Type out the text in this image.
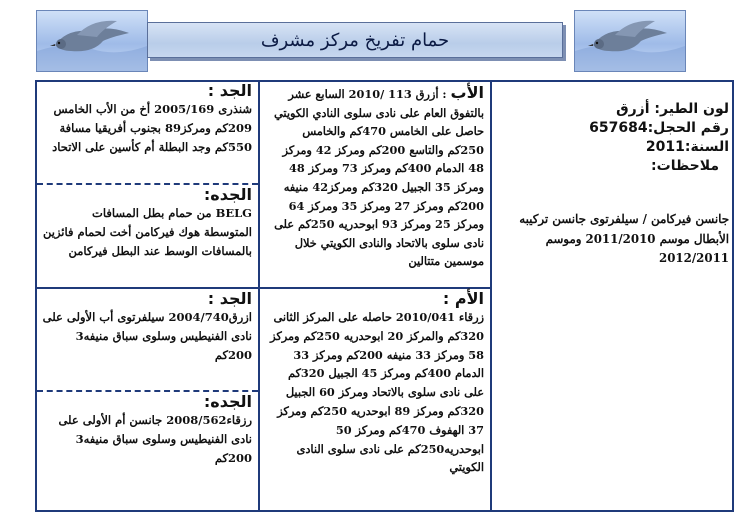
حمام تفريخ مركز مشرف
لون الطير: أزرق
رقم الحجل:657684
السنة:2011
ملاحظات:
جانسن فيركامن / سيلفرتوى جانسن تركيبه الأبطال موسم 2011/2010 وموسم 2012/2011
الأب : أزرق 113 /2010 السابع عشر بالتفوق العام على نادى سلوى النادي الكويتي حاصل على الخامس 470كم والخامس 250كم والتاسع 200كم ومركز 42 ومركز 48 الدمام 400كم ومركز 73 ومركز 48 ومركز 35 الجبيل 320كم ومركز42 منيفه 200كم ومركز 27 ومركز 35 ومركز 64 ومركز 25 ومركز 93 ابوحدريه 250كم على نادى سلوى بالاتحاد والنادى الكويتي خلال موسمين متتالين
الأم :
زرقاء 2010/041 حاصله على المركز الثانى 320كم والمركز 20 ابوحدريه 250كم ومركز 58 ومركز 33 منيفه 200كم ومركز 33 الدمام 400كم ومركز 45 الجبيل 320كم على نادى سلوى بالاتحاد ومركز 60 الجبيل 320كم ومركز 89 ابوحدريه 250كم ومركز 37 الهفوف 470كم ومركز 50 ابوحدريه250كم على نادى سلوى النادى الكويتي
الجد :
شنذرى 2005/169 أخ من الأب الخامس 209كم ومركز89 بجنوب أفريقيا مسافة 550كم وجد البطلة أم كأسين على الاتحاد
الجده:
BELG من حمام بطل المسافات المتوسطة هوك فيركامن أخت لحمام فائزين بالمسافات الوسط عند البطل فيركامن
الجد :
ازرق2004/740 سيلفرتوى أب الأولى على نادى الفنيطيس وسلوى سباق منيفه3 200كم
الجده:
رزقاء2008/562 جانسن أم الأولى على نادى الفنيطيس وسلوى سباق منيفه3 200كم
